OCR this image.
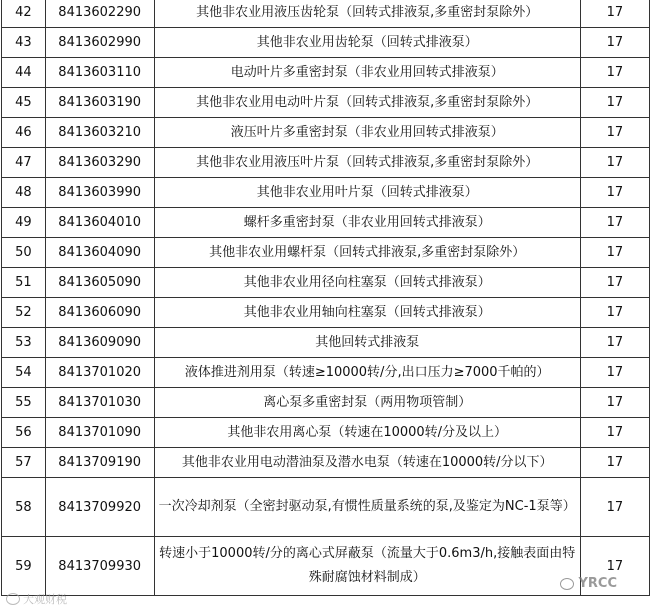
42	8413602290	其他非农业用液压齿轮泵（回转式排液泵,多重密封泵除外）	17
43	8413602990	其他非农业用齿轮泵（回转式排液泵）	17
44	8413603110	电动叶片多重密封泵（非农业用回转式排液泵）	17
45	8413603190	其他非农业用电动叶片泵（回转式排液泵,多重密封泵除外）	17
46	8413603210	液压叶片多重密封泵（非农业用回转式排液泵）	17
47	8413603290	其他非农业用液压叶片泵（回转式排液泵,多重密封泵除外）	17
48	8413603990	其他非农业用叶片泵（回转式排液泵）	17
49	8413604010	螺杆多重密封泵（非农业用回转式排液泵）	17
50	8413604090	其他非农业用螺杆泵（回转式排液泵,多重密封泵除外）	17
51	8413605090	其他非农业用径向柱塞泵（回转式排液泵）	17
52	8413606090	其他非农业用轴向柱塞泵（回转式排液泵）	17
53	8413609090	其他回转式排液泵	17
54	8413701020	液体推进剂用泵（转速≥10000转/分,出口压力≥7000千帕的）	17
55	8413701030	离心泵多重密封泵（两用物项管制）	17
56	8413701090	其他非农用离心泵（转速在10000转/分及以上）	17
57	8413709190	其他非农业用电动潜油泵及潜水电泵（转速在10000转/分以下）	17
58	8413709920	一次冷却剂泵（全密封驱动泵,有惯性质量系统的泵,及鉴定为NC-1泵等）	17
59	8413709930	转速小于10000转/分的离心式屏蔽泵（流量大于0.6m3/h,接触表面由特殊耐腐蚀材料制成）	17
大观财税
YRCC
